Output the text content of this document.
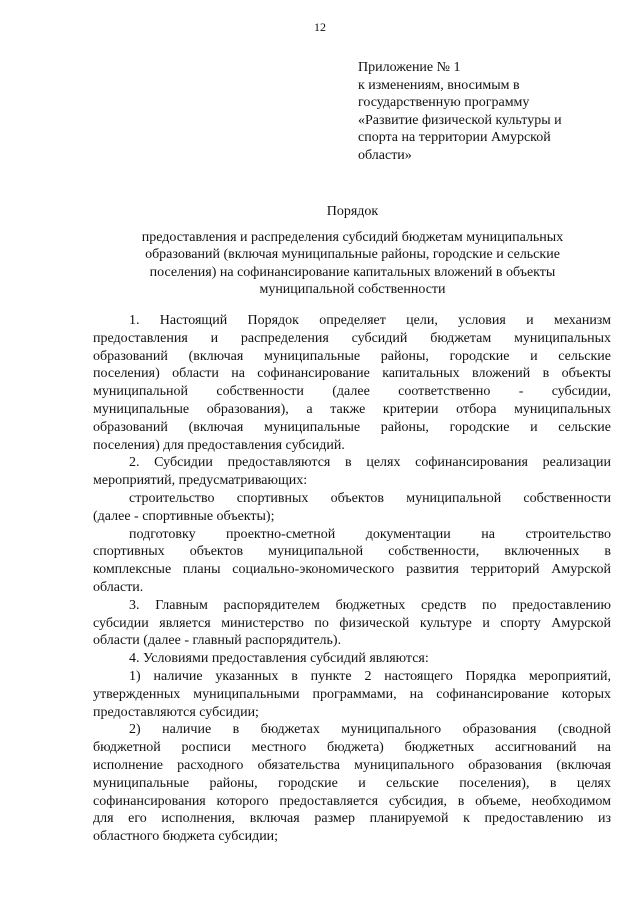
12
Приложение № 1
к изменениям, вносимым в
государственную программу
«Развитие физической культуры и
спорта на территории Амурской
области»
Порядок
предоставления и распределения субсидий бюджетам муниципальных
образований (включая муниципальные районы, городские и сельские
поселения) на софинансирование капитальных вложений в объекты
муниципальной собственности
1. Настоящий Порядок определяет цели, условия и механизм
предоставления и распределения субсидий бюджетам муниципальных
образований (включая муниципальные районы, городские и сельские
поселения) области на софинансирование капитальных вложений в объекты
муниципальной собственности (далее соответственно - субсидии,
муниципальные образования), а также критерии отбора муниципальных
образований (включая муниципальные районы, городские и сельские
поселения) для предоставления субсидий.
2. Субсидии предоставляются в целях софинансирования реализации
мероприятий, предусматривающих:
строительство спортивных объектов муниципальной собственности
(далее - спортивные объекты);
подготовку проектно-сметной документации на строительство
спортивных объектов муниципальной собственности, включенных в
комплексные планы социально-экономического развития территорий Амурской
области.
3. Главным распорядителем бюджетных средств по предоставлению
субсидии является министерство по физической культуре и спорту Амурской
области (далее - главный распорядитель).
4. Условиями предоставления субсидий являются:
1) наличие указанных в пункте 2 настоящего Порядка мероприятий,
утвержденных муниципальными программами, на софинансирование которых
предоставляются субсидии;
2) наличие в бюджетах муниципального образования (сводной
бюджетной росписи местного бюджета) бюджетных ассигнований на
исполнение расходного обязательства муниципального образования (включая
муниципальные районы, городские и сельские поселения), в целях
софинансирования которого предоставляется субсидия, в объеме, необходимом
для его исполнения, включая размер планируемой к предоставлению из
областного бюджета субсидии;
